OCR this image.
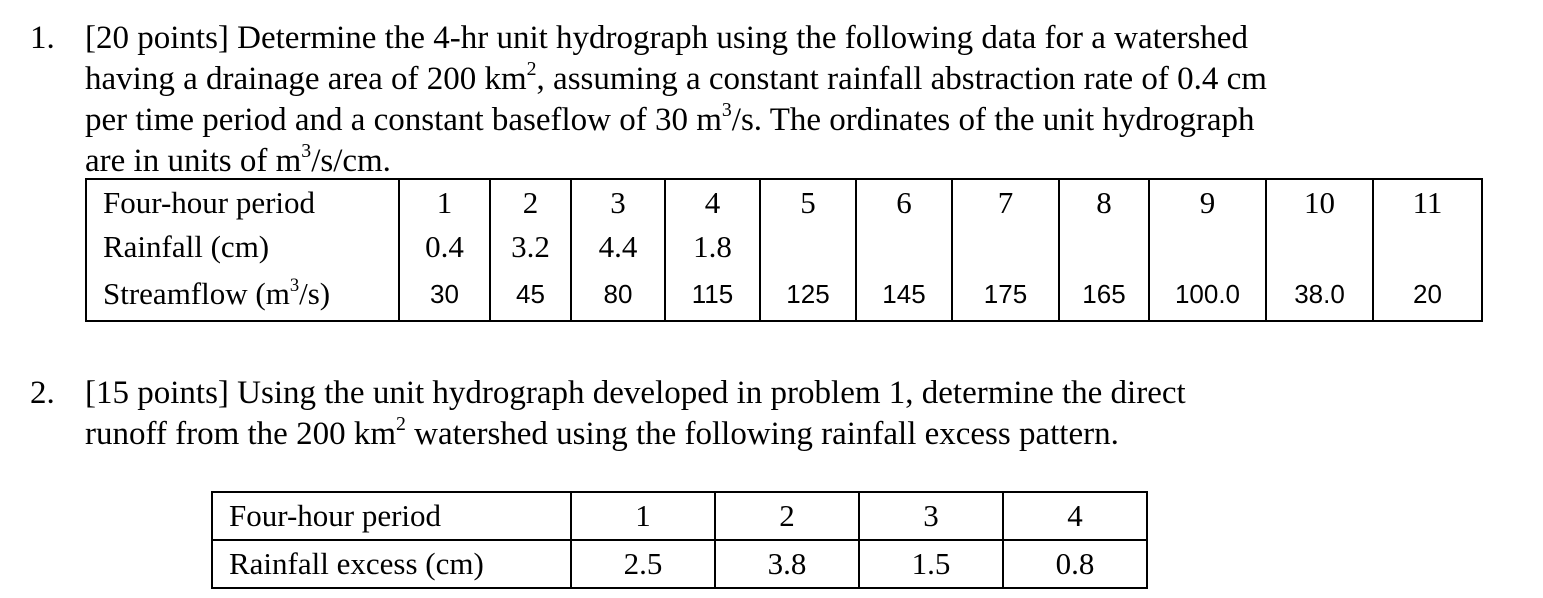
1. [20 points] Determine the 4-hr unit hydrograph using the following data for a watershed
having a drainage area of 200 $km^2$, assuming a constant rainfall abstraction rate of 0.4 cm
per time period and a constant baseflow of 30 $m^3/s$. The ordinates of the unit hydrograph
are in units of $m^3/s/cm$.
Four-hour period	1	2	3	4	5	6	7	8	9	10	11
Rainfall (cm)	0.4	3.2	4.4	1.8							
Streamflow $(m^3/s)$	30	45	80	115	125	145	175	165	100.0	38.0	20
2. [15 points] Using the unit hydrograph developed in problem 1, determine the direct
runoff from the 200 $km^2$ watershed using the following rainfall excess pattern.
Four-hour period	1	2	3	4
Rainfall excess (cm)	2.5	3.8	1.5	0.8
